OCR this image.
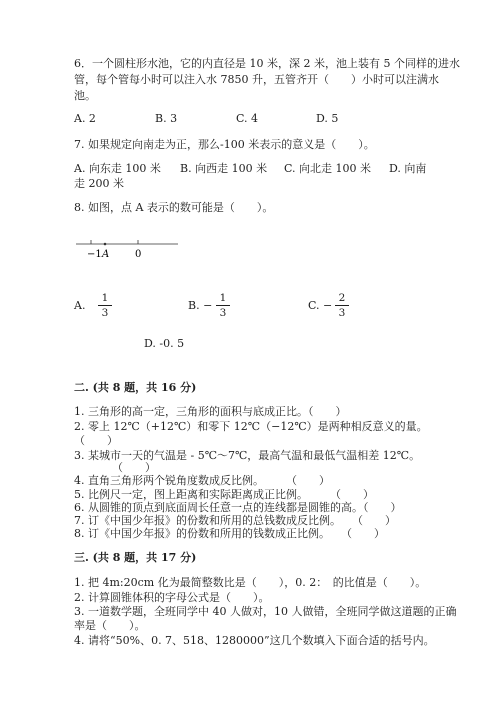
6．一个圆柱形水池，它的内直径是 10 米，深 2 米，池上装有 5 个同样的进水
管，每个管每小时可以注入水 7850 升，五管齐开（　　）小时可以注满水
池。
A. 2	B. 3	C. 4	D. 5
7. 如果规定向南走为正，那么-100 米表示的意义是（　　）。
A. 向东走 100 米 B. 向西走 100 米 C. 向北走 100 米 D. 向南
走 200 米
8. 如图，点 A 表示的数可能是（　　）。
−1 A	0
A.
1
3
B. −
1
3
C. −
2
3
D. -0. 5
二. (共 8 题，共 16 分)
1. 三角形的高一定，三角形的面积与底成正比。（　　）
2. 零上 12℃（+12℃）和零下 12℃（−12℃）是两种相反意义的量。
（　　）
3. 某城市一天的气温是 - 5℃～7℃，最高气温和最低气温相差 12℃。
（　　）
4. 直角三角形两个锐角度数成反比例。　　　（　　）
5. 比例尺一定，图上距离和实际距离成正比例。　　　（　　）
6. 从圆锥的顶点到底面周长任意一点的连线都是圆锥的高。（　　）
7. 订《中国少年报》的份数和所用的总钱数成反比例。　　（　　）
8. 订《中国少年报》的份数和所用的钱数成正比例。　　（　　）
三. (共 8 题，共 17 分)
1. 把 4m:20cm 化为最简整数比是（　　），0. 2：　的比值是（　　）。
2. 计算圆锥体积的字母公式是（　　）。
3. 一道数学题，全班同学中 40 人做对，10 人做错，全班同学做这道题的正确
率是（　　）。
4. 请将“50%、0. 7、518、1280000”这几个数填入下面合适的括号内。
